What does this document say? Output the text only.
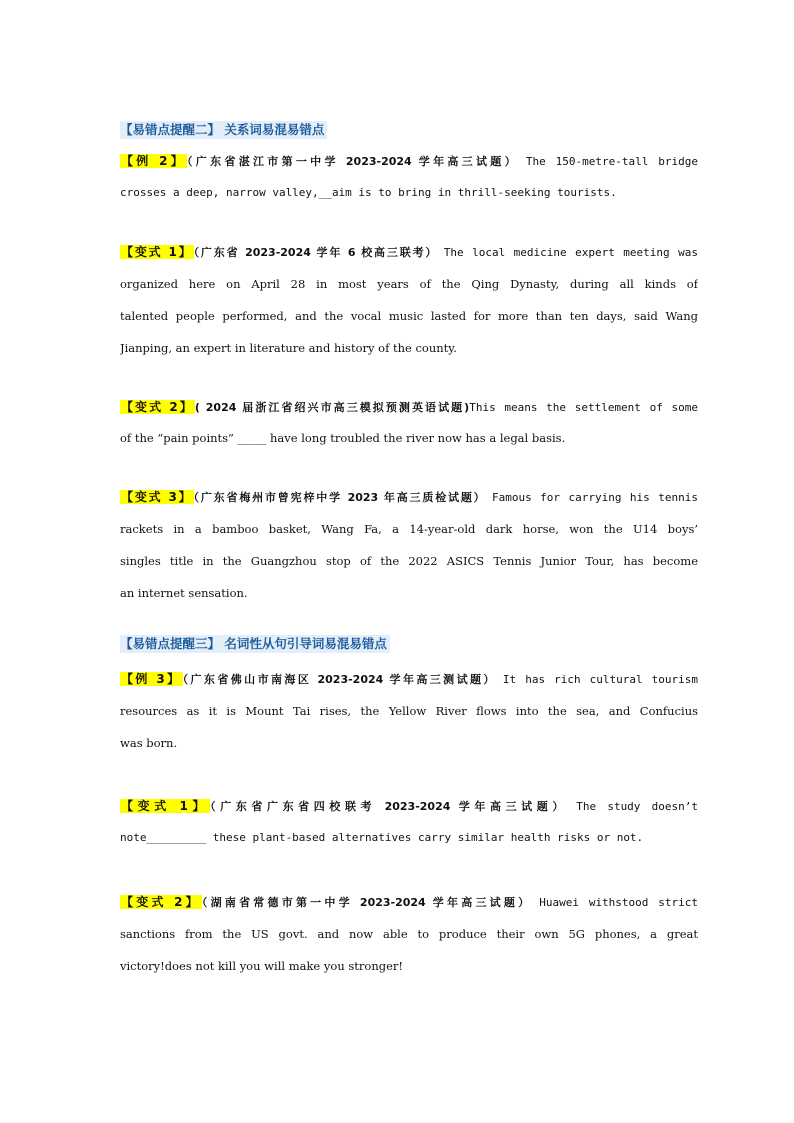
【易错点提醒二】 关系词易混易错点
【例 2】（广东省湛江市第一中学 2023-2024 学年高三试题） The 150-metre-tall bridge
crosses a deep, narrow valley,__aim is to bring in thrill-seeking tourists.
【变式 1】（广东省 2023-2024 学年 6 校高三联考） The local medicine expert meeting was
organized here on April 28 in most years of the Qing Dynasty, during all kinds of
talented people performed, and the vocal music lasted for more than ten days, said Wang
Jianping, an expert in literature and history of the county.
【变式 2】( 2024 届浙江省绍兴市高三模拟预测英语试题)This means the settlement of some
of the “pain points” _____ have long troubled the river now has a legal basis.
【变式 3】（广东省梅州市曾宪梓中学 2023 年高三质检试题） Famous for carrying his tennis
rackets in a bamboo basket, Wang Fa, a 14-year-old dark horse, won the U14 boys’
singles title in the Guangzhou stop of the 2022 ASICS Tennis Junior Tour, has become
an internet sensation.
【易错点提醒三】 名词性从句引导词易混易错点
【例 3】（广东省佛山市南海区 2023-2024 学年高三测试题） It has rich cultural tourism
resources as it is Mount Tai rises, the Yellow River flows into the sea, and Confucius
was born.
【变式 1】（广东省广东省四校联考 2023-2024 学年高三试题） The study doesn’t
note_________ these plant-based alternatives carry similar health risks or not.
【变式 2】（湖南省常德市第一中学 2023-2024 学年高三试题） Huawei withstood strict
sanctions from the US govt. and now able to produce their own 5G phones, a great
victory!does not kill you will make you stronger!
